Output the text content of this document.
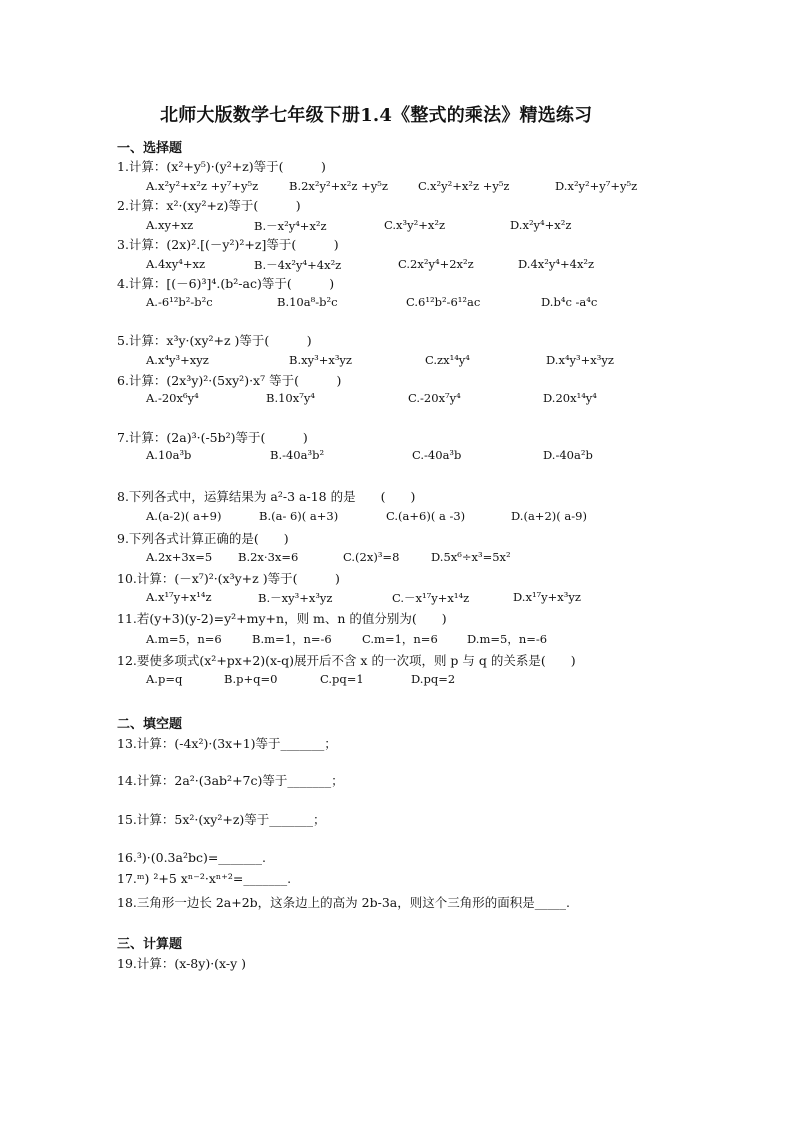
北师大版数学七年级下册1.4《整式的乘法》精选练习
一、选择题
1.计算：(x²+y⁵)·(y²+z)等于(　　　)
A.x²y²+x²z +y⁷+y⁵z	B.2x²y²+x²z +y⁵z	C.x²y²+x²z +y⁵z	D.x²y²+y⁷+y⁵z
2.计算：x²·(xy²+z)等于(　　　)
A.xy+xz	B.－x²y⁴+x²z	C.x³y²+x²z	D.x²y⁴+x²z
3.计算：(2x)².[(－y²)²+z]等于(　　　)
A.4xy⁴+xz	B.－4x²y⁴+4x²z	C.2x²y⁴+2x²z	D.4x²y⁴+4x²z
4.计算：[(－6)³]⁴.(b²-ac)等于(　　　)
A.-6¹²b²-b²c	B.10a⁸-b²c	C.6¹²b²-6¹²ac	D.b⁴c -a⁴c
5.计算：x³y·(xy²+z )等于(　　　)
A.x⁴y³+xyz	B.xy³+x³yz	C.zx¹⁴y⁴	D.x⁴y³+x³yz
6.计算：(2x³y)²·(5xy²)·x⁷ 等于(　　　)
A.-20x⁶y⁴	B.10x⁷y⁴	C.-20x⁷y⁴	D.20x¹⁴y⁴
7.计算：(2a)³·(-5b²)等于(　　　)
A.10a³b	B.-40a³b²	C.-40a³b	D.-40a²b
8.下列各式中，运算结果为 a²-3 a-18 的是　　(　　)
A.(a-2)( a+9)	B.(a- 6)( a+3)	C.(a+6)( a -3)	D.(a+2)( a-9)
9.下列各式计算正确的是(　　)
A.2x+3x=5 B.2x·3x=6	C.(2x)³=8	D.5x⁶÷x³=5x²
10.计算：(－x⁷)²·(x³y+z )等于(　　　)
A.x¹⁷y+x¹⁴z	B.－xy³+x³yz	C.－x¹⁷y+x¹⁴z	D.x¹⁷y+x³yz
11.若(y+3)(y-2)=y²+my+n，则 m、n 的值分别为(　　)
A.m=5，n=6	B.m=1，n=-6	C.m=1，n=6	D.m=5，n=-6
12.要使多项式(x²+px+2)(x-q)展开后不含 x 的一次项，则 p 与 q 的关系是(　　)
A.p=q	B.p+q=0	C.pq=1	D.pq=2
二、填空题
13.计算：(-4x²)·(3x+1)等于_______；
14.计算：2a²·(3ab²+7c)等于_______；
15.计算：5x²·(xy²+z)等于_______；
16.³)·(0.3a²bc)=_______.
17.ᵐ) ²+5 xⁿ⁻²·xⁿ⁺²=_______.
18.三角形一边长 2a+2b，这条边上的高为 2b-3a，则这个三角形的面积是_____.
三、计算题
19.计算：(x-8y)·(x-y )
